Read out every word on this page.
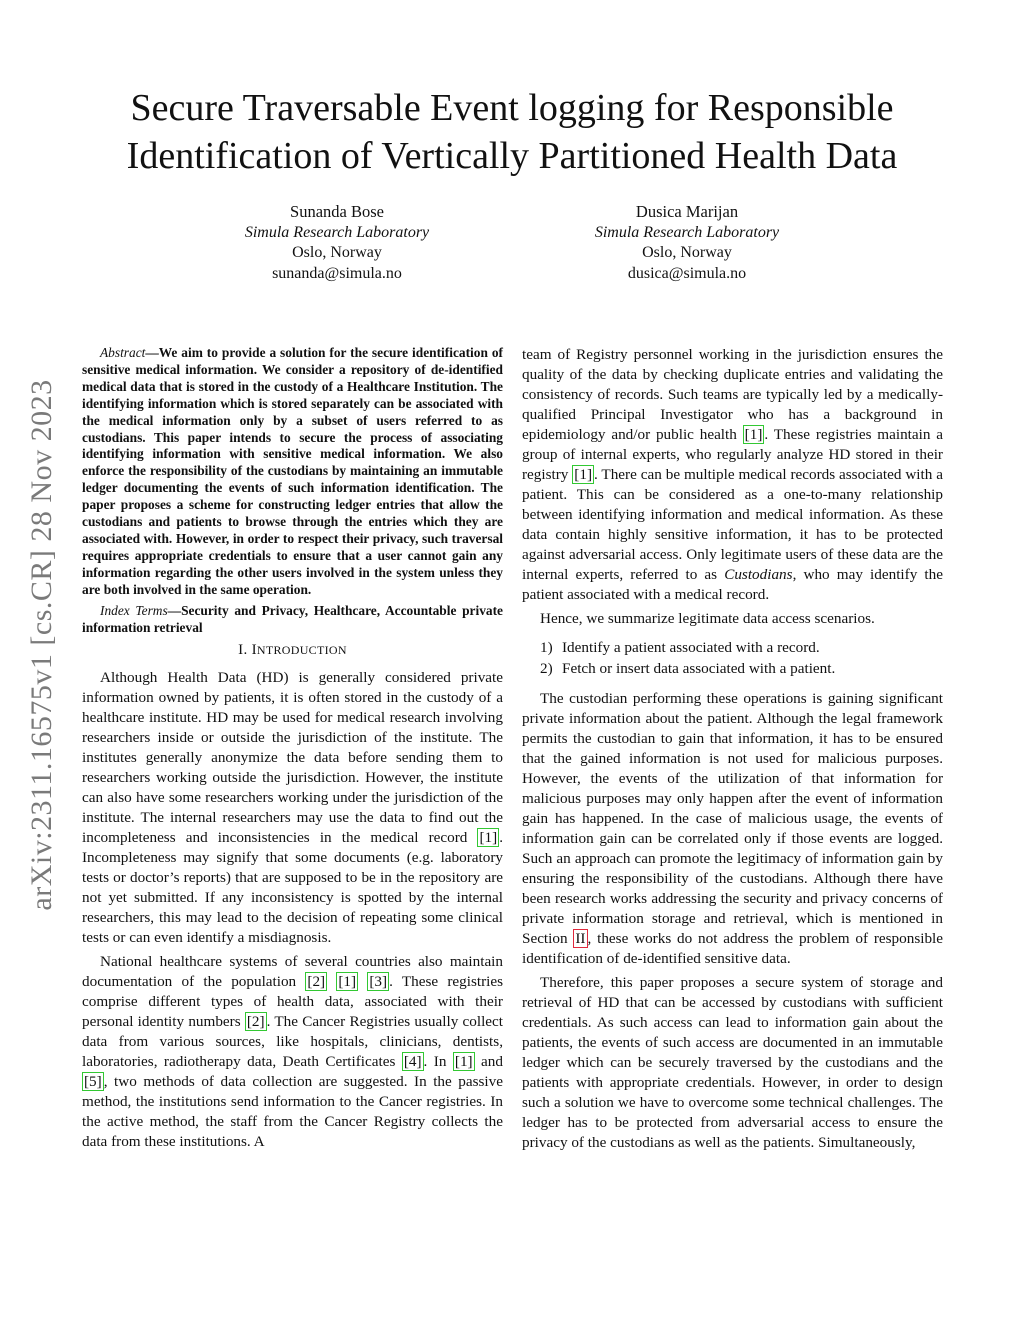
arXiv:2311.16575v1 [cs.CR] 28 Nov 2023
Secure Traversable Event logging for Responsible Identification of Vertically Partitioned Health Data
Sunanda Bose
Simula Research Laboratory
Oslo, Norway
sunanda@simula.no
Dusica Marijan
Simula Research Laboratory
Oslo, Norway
dusica@simula.no

Abstract—We aim to provide a solution for the secure identification of sensitive medical information. We consider a repository of de-identified medical data that is stored in the custody of a Healthcare Institution. The identifying information which is stored separately can be associated with the medical information only by a subset of users referred to as custodians. This paper intends to secure the process of associating identifying information with sensitive medical information. We also enforce the responsibility of the custodians by maintaining an immutable ledger documenting the events of such information identification. The paper proposes a scheme for constructing ledger entries that allow the custodians and patients to browse through the entries which they are associated with. However, in order to respect their privacy, such traversal requires appropriate credentials to ensure that a user cannot gain any information regarding the other users involved in the system unless they are both involved in the same operation.

Index Terms—Security and Privacy, Healthcare, Accountable private information retrieval

I. INTRODUCTION

Although Health Data (HD) is generally considered private information owned by patients, it is often stored in the custody of a healthcare institute. HD may be used for medical research involving researchers inside or outside the jurisdiction of the institute. The institutes generally anonymize the data before sending them to researchers working outside the jurisdiction. However, the institute can also have some researchers working under the jurisdiction of the institute. The internal researchers may use the data to find out the incompleteness and inconsistencies in the medical record [1] . Incompleteness may signify that some documents (e.g. laboratory tests or doctor’s reports) that are supposed to be in the repository are not yet submitted. If any inconsistency is spotted by the internal researchers, this may lead to the decision of repeating some clinical tests or can even identify a misdiagnosis.

National healthcare systems of several countries also maintain documentation of the population [2] [1] [3] . These registries comprise different types of health data, associated with their personal identity numbers [2] . The Cancer Registries usually collect data from various sources, like hospitals, clinicians, dentists, laboratories, radiotherapy data, Death Certificates [4] . In [1] and [5] , two methods of data collection are suggested. In the passive method, the institutions send information to the Cancer registries. In the active method, the staff from the Cancer Registry collects the data from these institutions. A

team of Registry personnel working in the jurisdiction ensures the quality of the data by checking duplicate entries and validating the consistency of records. Such teams are typically led by a medically-qualified Principal Investigator who has a background in epidemiology and/or public health [1] . These registries maintain a group of internal experts, who regularly analyze HD stored in their registry [1] . There can be multiple medical records associated with a patient. This can be considered as a one-to-many relationship between identifying information and medical information. As these data contain highly sensitive information, it has to be protected against adversarial access. Only legitimate users of these data are the internal experts, referred to as Custodians, who may identify the patient associated with a medical record.

Hence, we summarize legitimate data access scenarios.

1) Identify a patient associated with a record.
2) Fetch or insert data associated with a patient.

The custodian performing these operations is gaining significant private information about the patient. Although the legal framework permits the custodian to gain that information, it has to be ensured that the gained information is not used for malicious purposes. However, the events of the utilization of that information for malicious purposes may only happen after the event of information gain has happened. In the case of malicious usage, the events of information gain can be correlated only if those events are logged. Such an approach can promote the legitimacy of information gain by ensuring the responsibility of the custodians. Although there have been research works addressing the security and privacy concerns of private information storage and retrieval, which is mentioned in Section II , these works do not address the problem of responsible identification of de-identified sensitive data.

Therefore, this paper proposes a secure system of storage and retrieval of HD that can be accessed by custodians with sufficient credentials. As such access can lead to information gain about the patients, the events of such access are documented in an immutable ledger which can be securely traversed by the custodians and the patients with appropriate credentials. However, in order to design such a solution we have to overcome some technical challenges. The ledger has to be protected from adversarial access to ensure the privacy of the custodians as well as the patients. Simultaneously,
